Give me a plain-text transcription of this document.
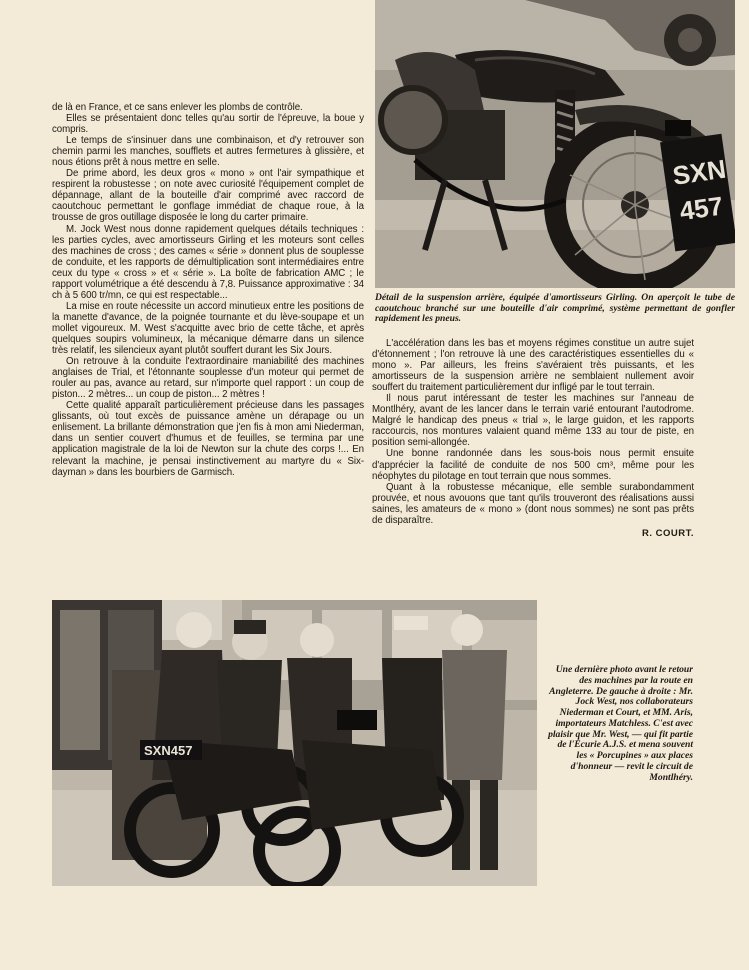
SXN
457
Détail de la suspension arrière, équipée d'amortisseurs Girling. On aperçoit le tube de caoutchouc branché sur une bouteille d'air comprimé, système permettant de gonfler rapidement les pneus.

de là en France, et ce sans enlever les plombs de contrôle.

Elles se présentaient donc telles qu'au sortir de l'épreuve, la boue y compris.

Le temps de s'insinuer dans une combinaison, et d'y retrouver son chemin parmi les manches, soufflets et autres fermetures à glissière, et nous étions prêt à nous mettre en selle.

De prime abord, les deux gros « mono » ont l'air sympathique et respirent la robustesse ; on note avec curiosité l'équipement complet de dépannage, allant de la bouteille d'air comprimé avec raccord de caoutchouc permettant le gonflage immédiat de chaque roue, à la trousse de gros outillage disposée le long du carter primaire.

M. Jock West nous donne rapidement quelques détails techniques : les parties cycles, avec amortisseurs Girling et les moteurs sont celles des machines de cross ; des cames « série » donnent plus de souplesse de conduite, et les rapports de démultiplication sont intermédiaires entre ceux du type « cross » et « série ». La boîte de fabrication AMC ; le rapport volumétrique a été descendu à 7,8. Puissance approximative : 34 ch à 5 600 tr/mn, ce qui est respectable...

La mise en route nécessite un accord minutieux entre les positions de la manette d'avance, de la poignée tournante et du lève-soupape et un mollet vigoureux. M. West s'acquitte avec brio de cette tâche, et après quelques soupirs volumineux, la mécanique démarre dans un silence très relatif, les silencieux ayant plutôt souffert durant les Six Jours.

On retrouve à la conduite l'extraordinaire maniabilité des machines anglaises de Trial, et l'étonnante souplesse d'un moteur qui permet de rouler au pas, avance au retard, sur n'importe quel rapport : un coup de piston... 2 mètres... un coup de piston... 2 mètres !

Cette qualité apparaît particulièrement précieuse dans les passages glissants, où tout excès de puissance amène un dérapage ou un enlisement. La brillante démonstration que j'en fis à mon ami Niederman, dans un sentier couvert d'humus et de feuilles, se termina par une application magistrale de la loi de Newton sur la chute des corps !... En relevant la machine, je pensai instinctivement au martyre du « Six-dayman » dans les bourbiers de Garmisch.

L'accélération dans les bas et moyens régimes constitue un autre sujet d'étonnement ; l'on retrouve là une des caractéristiques essentielles du « mono ». Par ailleurs, les freins s'avéraient très puissants, et les amortisseurs de la suspension arrière ne semblaient nullement avoir souffert du traitement particulièrement dur infligé par le tout terrain.

Il nous parut intéressant de tester les machines sur l'anneau de Montlhéry, avant de les lancer dans le terrain varié entourant l'autodrome. Malgré le handicap des pneus « trial », le large guidon, et les rapports raccourcis, nos montures valaient quand même 133 au tour de piste, en position semi-allongée.

Une bonne randonnée dans les sous-bois nous permit ensuite d'apprécier la facilité de conduite de nos 500 cm³, même pour les néophytes du pilotage en tout terrain que nous sommes.

Quant à la robustesse mécanique, elle semble surabondamment prouvée, et nous avouons que tant qu'ils trouveront des réalisations aussi saines, les amateurs de « mono » (dont nous sommes) ne sont pas prêts de disparaître.

R. COURT.
SXN457
Une dernière photo avant le retour des machines par la route en Angleterre. De gauche à droite : Mr. Jock West, nos collaborateurs Niederman et Court, et MM. Aris, importateurs Matchless. C'est avec plaisir que Mr. West, — qui fit partie de l'Écurie A.J.S. et mena souvent les « Porcupines » aux places d'honneur — revit le circuit de Montlhéry.
